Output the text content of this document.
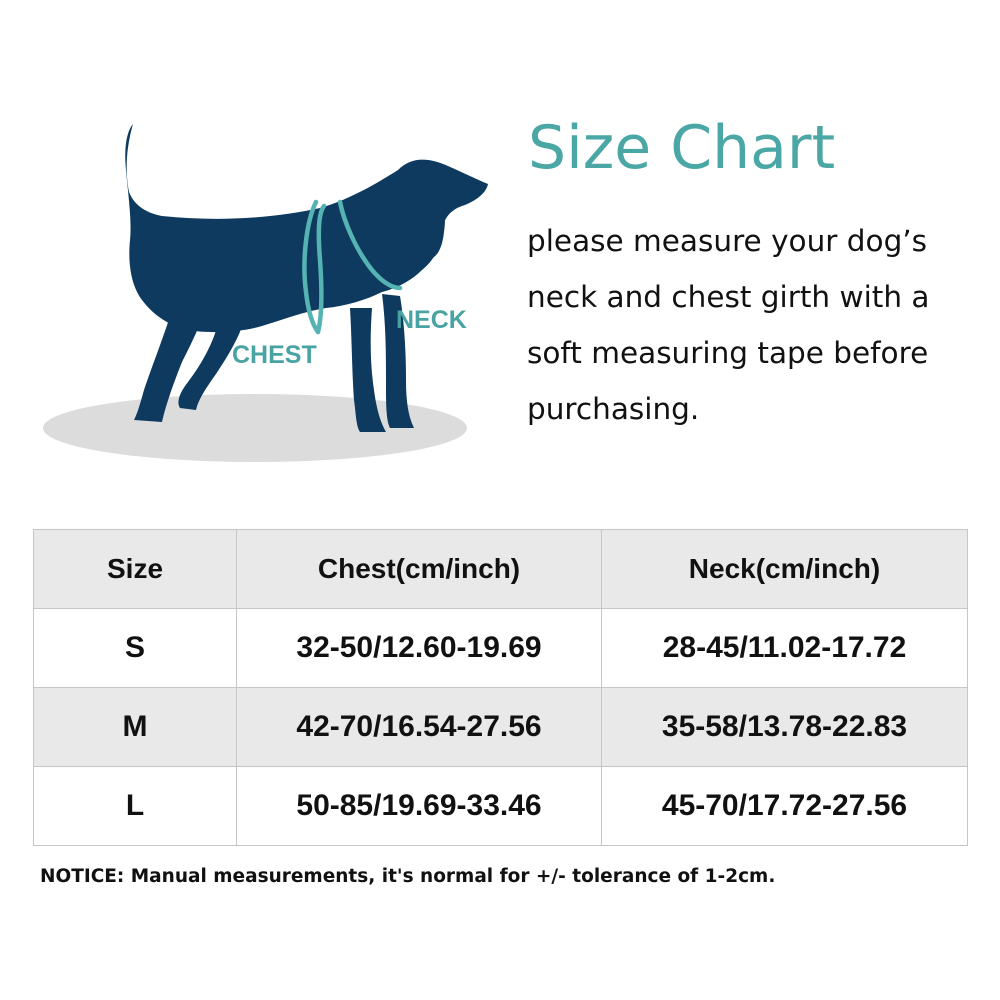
CHEST
NECK
Size Chart

please measure your dog’s neck and chest girth with a soft measuring tape before purchasing.

Size	Chest(cm/inch)	Neck(cm/inch)
S	32-50/12.60-19.69	28-45/11.02-17.72
M	42-70/16.54-27.56	35-58/13.78-22.83
L	50-85/19.69-33.46	45-70/17.72-27.56

NOTICE: Manual measurements, it's normal for +/- tolerance of 1-2cm.
